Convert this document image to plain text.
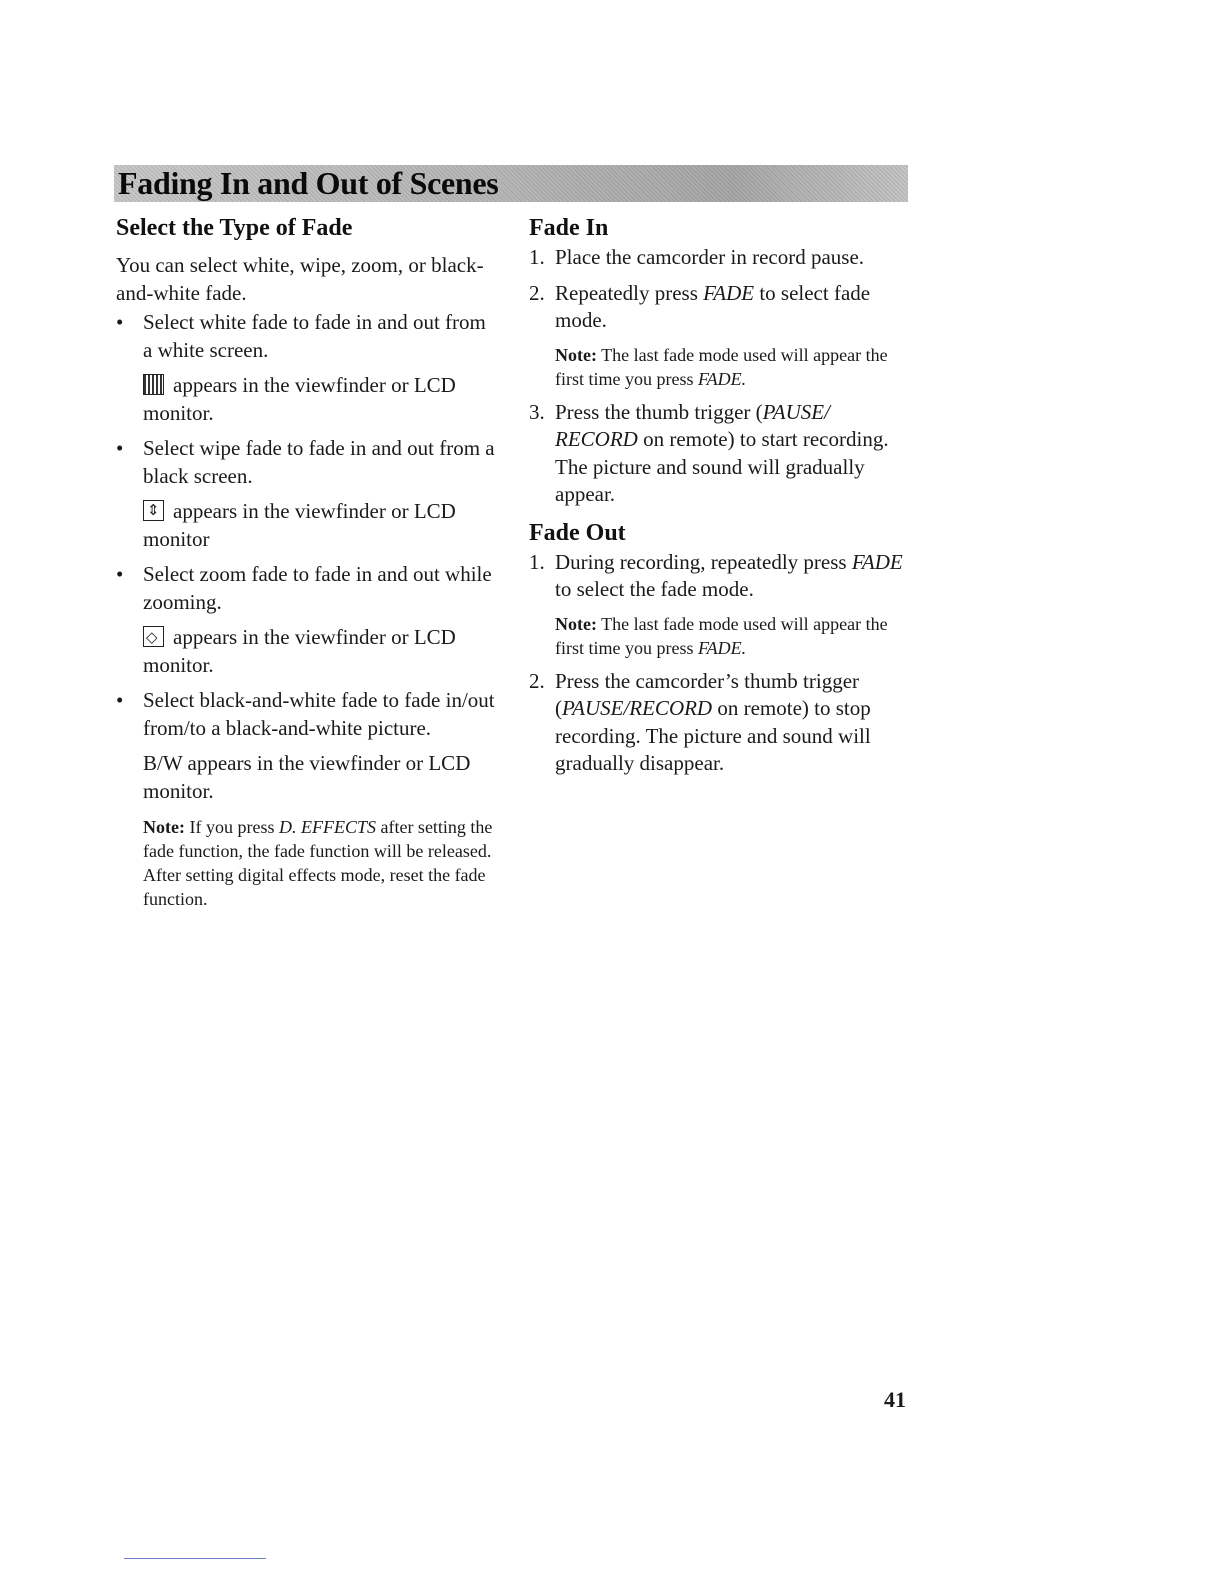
Fading In and Out of Scenes
Select the Type of Fade

You can select white, wipe, zoom, or black-and-white fade.

• Select white fade to fade in and out from a white screen.
appears in the viewfinder or LCD monitor.
• Select wipe fade to fade in and out from a black screen.
⇕appears in the viewfinder or LCD monitor
• Select zoom fade to fade in and out while zooming.
◇appears in the viewfinder or LCD monitor.
• Select black-and-white fade to fade in/out from/to a black-and-white picture.
B/W appears in the viewfinder or LCD monitor.
Note: If you press D. EFFECTS after setting the fade function, the fade function will be released. After setting digital effects mode, reset the fade function.
Fade In
1. Place the camcorder in record pause.
2. Repeatedly press FADE to select fade mode.
Note: The last fade mode used will appear the first time you press FADE.
3. Press the thumb trigger (PAUSE/ RECORD on remote) to start recording. The picture and sound will gradually appear.
Fade Out
1. During recording, repeatedly press FADE to select the fade mode.
Note: The last fade mode used will appear the first time you press FADE.
2. Press the camcorder’s thumb trigger (PAUSE/RECORD on remote) to stop recording. The picture and sound will gradually disappear.
41
